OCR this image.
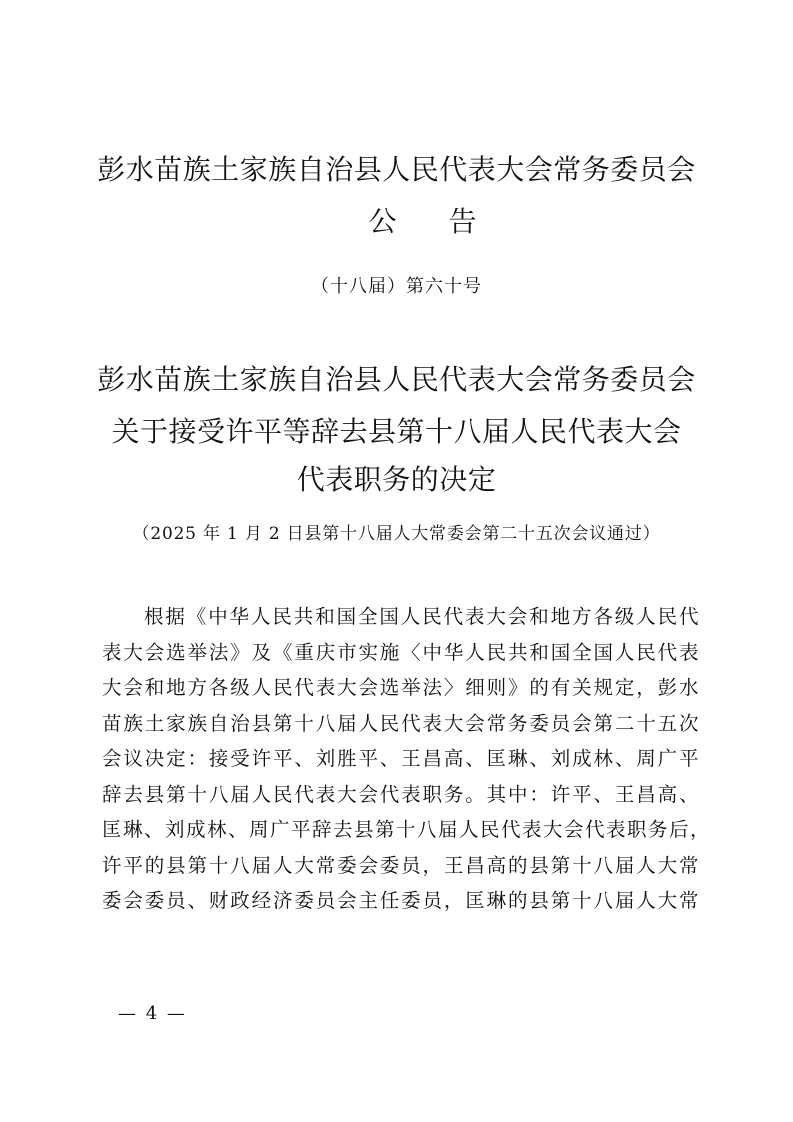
彭水苗族土家族自治县人民代表大会常务委员会
公告
（十八届）第六十号
彭水苗族土家族自治县人民代表大会常务委员会
关于接受许平等辞去县第十八届人民代表大会
代表职务的决定
（2025 年 1 月 2 日县第十八届人大常委会第二十五次会议通过）
根据《中华人民共和国全国人民代表大会和地方各级人民代
表大会选举法》及《重庆市实施〈中华人民共和国全国人民代表
大会和地方各级人民代表大会选举法〉细则》的有关规定，彭水
苗族土家族自治县第十八届人民代表大会常务委员会第二十五次
会议决定：接受许平、刘胜平、王昌高、匡琳、刘成林、周广平
辞去县第十八届人民代表大会代表职务。其中：许平、王昌高、
匡琳、刘成林、周广平辞去县第十八届人民代表大会代表职务后，
许平的县第十八届人大常委会委员，王昌高的县第十八届人大常
委会委员、财政经济委员会主任委员，匡琳的县第十八届人大常
— 4 —
